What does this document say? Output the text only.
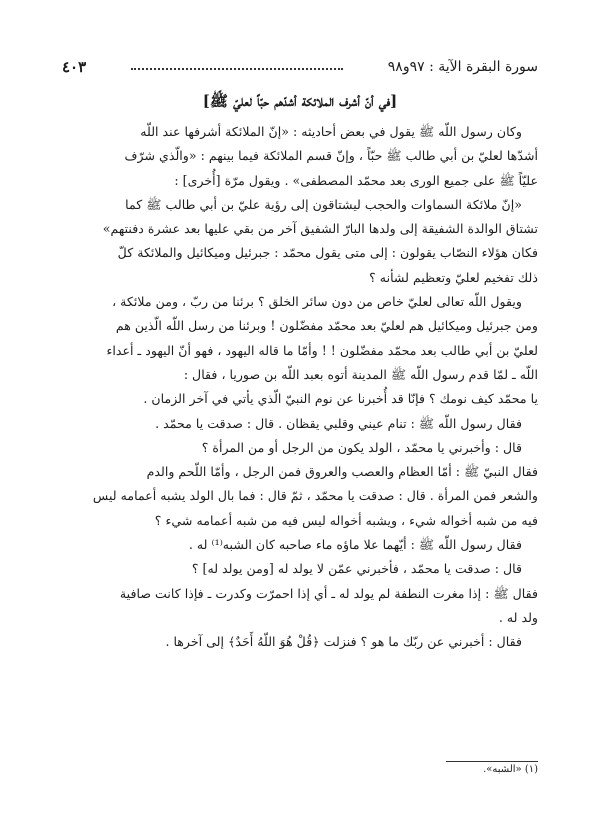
سورة البقرة الآية : ٩٧و٩٨
٤٠٣
[في أنّ أشرف الملائكة أشدّهم حبّاً لعليّ ﷺ]

وكان رسول اللّه ﷺ يقول في بعض أحاديثه : «إنّ الملائكة أشرفها عند اللّه

أشدّها لعليّ بن أبي طالب ﷺ حبّاً ، وإنّ قسم الملائكة فيما بينهم : «والّذي شرّف

عليّاً ﷺ على جميع الورى بعد محمّد المصطفى» . ويقول مرّة [أُخرى] :

«إنّ ملائكة السماوات والحجب ليشتاقون إلى رؤية عليّ بن أبي طالب ﷺ كما

تشتاق الوالدة الشفيقة إلى ولدها البارّ الشفيق آخر من بقي عليها بعد عشرة دفنتهم»

فكان هؤلاء النصّاب يقولون : إلى متى يقول محمّد : جبرئيل وميكائيل والملائكة كلّ

ذلك تفخيم لعليّ وتعظيم لشأنه ؟

ويقول اللّه تعالى لعليّ خاص من دون سائر الخلق ؟ برئنا من ربّ ، ومن ملائكة ،

ومن جبرئيل وميكائيل هم لعليّ بعد محمّد مفضّلون ! وبرئنا من رسل اللّه الّذين هم

لعليّ بن أبي طالب بعد محمّد مفضّلون ! ! وأمّا ما قاله اليهود ، فهو أنّ اليهود ـ أعداء

اللّه ـ لمّا قدم رسول اللّه ﷺ المدينة أتوه بعبد اللّه بن صوريا ، فقال :

يا محمّد كيف نومك ؟ فإنّا قد أُخبرنا عن نوم النبيّ الّذي يأتي في آخر الزمان .

فقال رسول اللّه ﷺ : تنام عيني وقلبي يقظان . قال : صدقت يا محمّد .

قال : وأخبرني يا محمّد ، الولد يكون من الرجل أو من المرأة ؟

فقال النبيّ ﷺ : أمّا العظام والعصب والعروق فمن الرجل ، وأمّا اللّحم والدم

والشعر فمن المرأة . قال : صدقت يا محمّد ، ثمّ قال : فما بال الولد يشبه أعمامه ليس

فيه من شبه أخواله شيء ، ويشبه أخواله ليس فيه من شبه أعمامه شيء ؟

فقال رسول اللّه ﷺ : أيّهما علا ماؤه ماء صاحبه كان الشبه⁽¹⁾ له .

قال : صدقت يا محمّد ، فأخبرني عمّن لا يولد له [ومن يولد له] ؟

فقال ﷺ : إذا مغرت النطفة لم يولد له ـ أي إذا احمرّت وكدرت ـ فإذا كانت صافية

ولد له .

فقال : أخبرني عن ربّك ما هو ؟ فنزلت ﴿قُلْ هُوَ اللّهُ أَحَدٌ﴾ إلى آخرها .

(١) «الشبه».
